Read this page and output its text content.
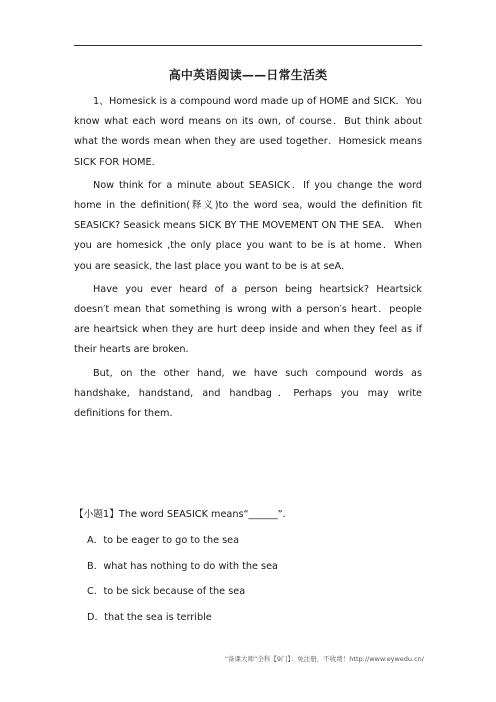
高中英语阅读——日常生活类

1、Homesick is a compound word made up of HOME and SICK．You know what each word means on its own, of course．But think about what the words mean when they are used together．Homesick means SICK FOR HOME．

Now think for a minute about SEASICK．If you change the word home in the definition(释义)to the word sea, would the definition fit SEASICK? Seasick means SICK BY THE MOVEMENT ON THE SEA． When you are homesick ,the only place you want to be is at home．When you are seasick, the last place you want to be is at seA．

Have you ever heard of a person being heartsick? Heartsick doesn′t mean that something is wrong with a person′s heart．people are heartsick when they are hurt deep inside and when they feel as if their hearts are broken．

But, on the other hand, we have such compound words as handshake, handstand, and handbag．Perhaps you may write definitions for them．

【小题1】The word SEASICK means“______”．
A．to be eager to go to the sea
B．what has nothing to do with the sea
C．to be sick because of the sea
D．that the sea is terrible
“备课大师”全科【9门】：免注册，不收费！http://www.eywedu.cn/
